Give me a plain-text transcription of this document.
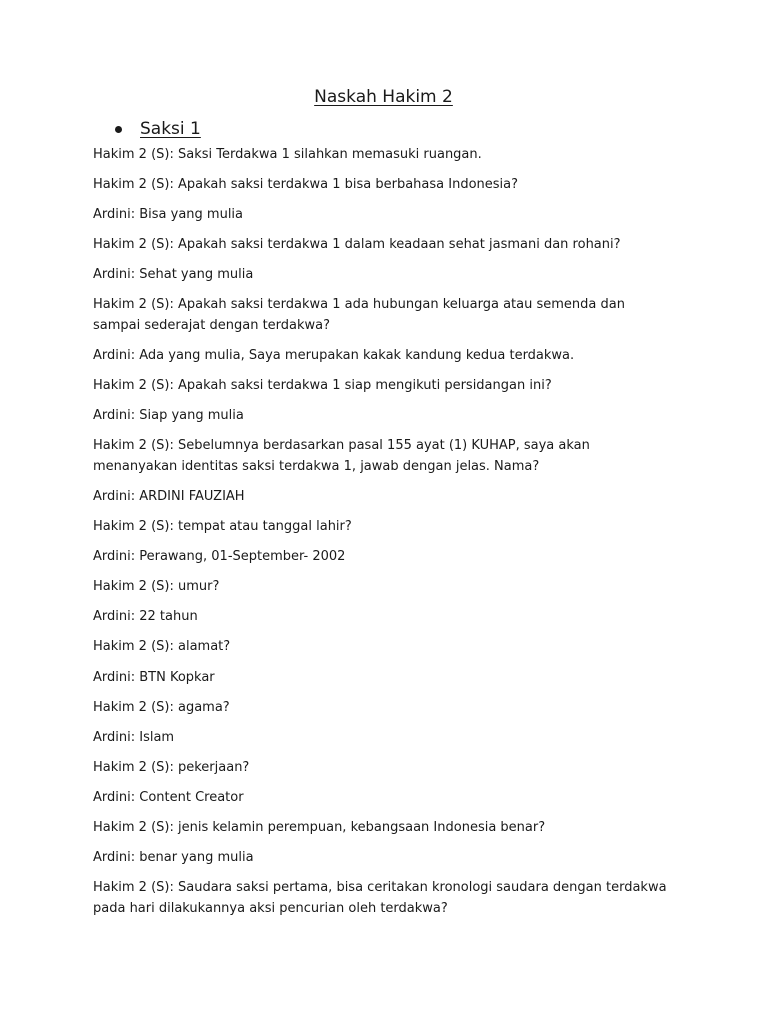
Naskah Hakim 2
Saksi 1

Hakim 2 (S): Saksi Terdakwa 1 silahkan memasuki ruangan.

Hakim 2 (S): Apakah saksi terdakwa 1 bisa berbahasa Indonesia?

Ardini: Bisa yang mulia

Hakim 2 (S): Apakah saksi terdakwa 1 dalam keadaan sehat jasmani dan rohani?

Ardini: Sehat yang mulia

Hakim 2 (S): Apakah saksi terdakwa 1 ada hubungan keluarga atau semenda dan sampai sederajat dengan terdakwa?

Ardini: Ada yang mulia, Saya merupakan kakak kandung kedua terdakwa.

Hakim 2 (S): Apakah saksi terdakwa 1 siap mengikuti persidangan ini?

Ardini: Siap yang mulia

Hakim 2 (S): Sebelumnya berdasarkan pasal 155 ayat (1) KUHAP, saya akan menanyakan identitas saksi terdakwa 1, jawab dengan jelas. Nama?

Ardini: ARDINI FAUZIAH

Hakim 2 (S): tempat atau tanggal lahir?

Ardini: Perawang, 01-September- 2002

Hakim 2 (S): umur?

Ardini: 22 tahun

Hakim 2 (S): alamat?

Ardini: BTN Kopkar

Hakim 2 (S): agama?

Ardini: Islam

Hakim 2 (S): pekerjaan?

Ardini: Content Creator

Hakim 2 (S): jenis kelamin perempuan, kebangsaan Indonesia benar?

Ardini: benar yang mulia

Hakim 2 (S): Saudara saksi pertama, bisa ceritakan kronologi saudara dengan terdakwa pada hari dilakukannya aksi pencurian oleh terdakwa?
